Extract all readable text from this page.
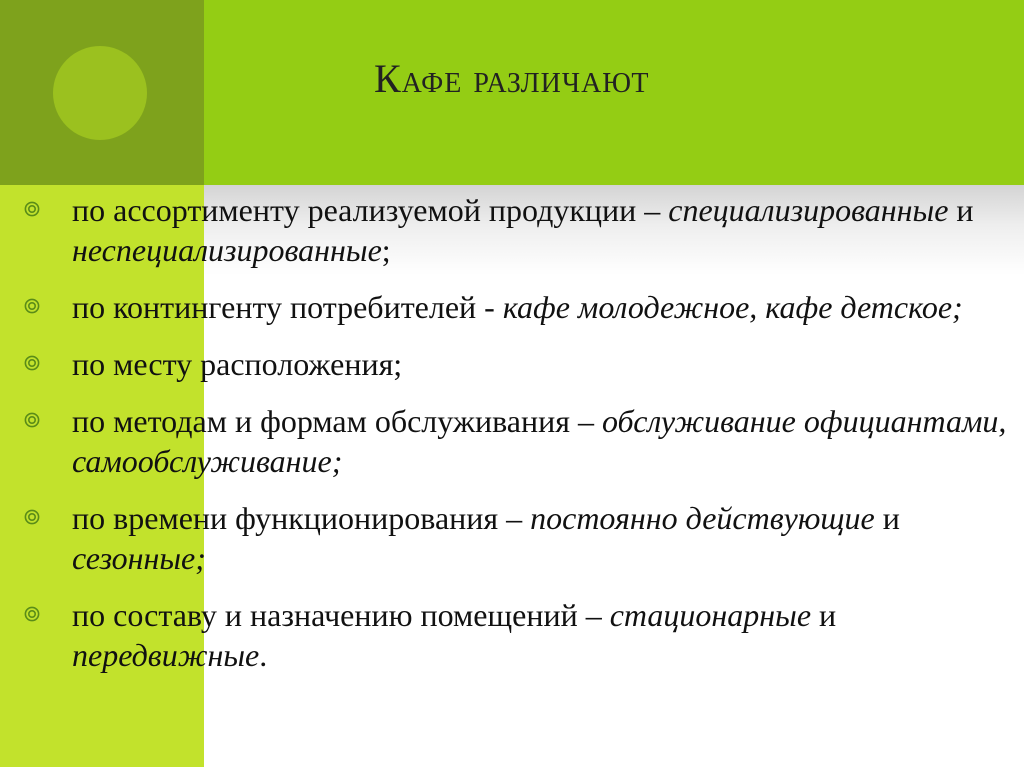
Кафе различают
по ассортименту реализуемой продукции – специализированные и неспециализированные;
по контингенту потребителей - кафе молодежное, кафе детское;
по месту расположения;
по методам и формам обслуживания – обслуживание официантами, самообслуживание;
по времени функционирования – постоянно действующие и сезонные;
по составу и назначению помещений – стационарные и передвижные.
